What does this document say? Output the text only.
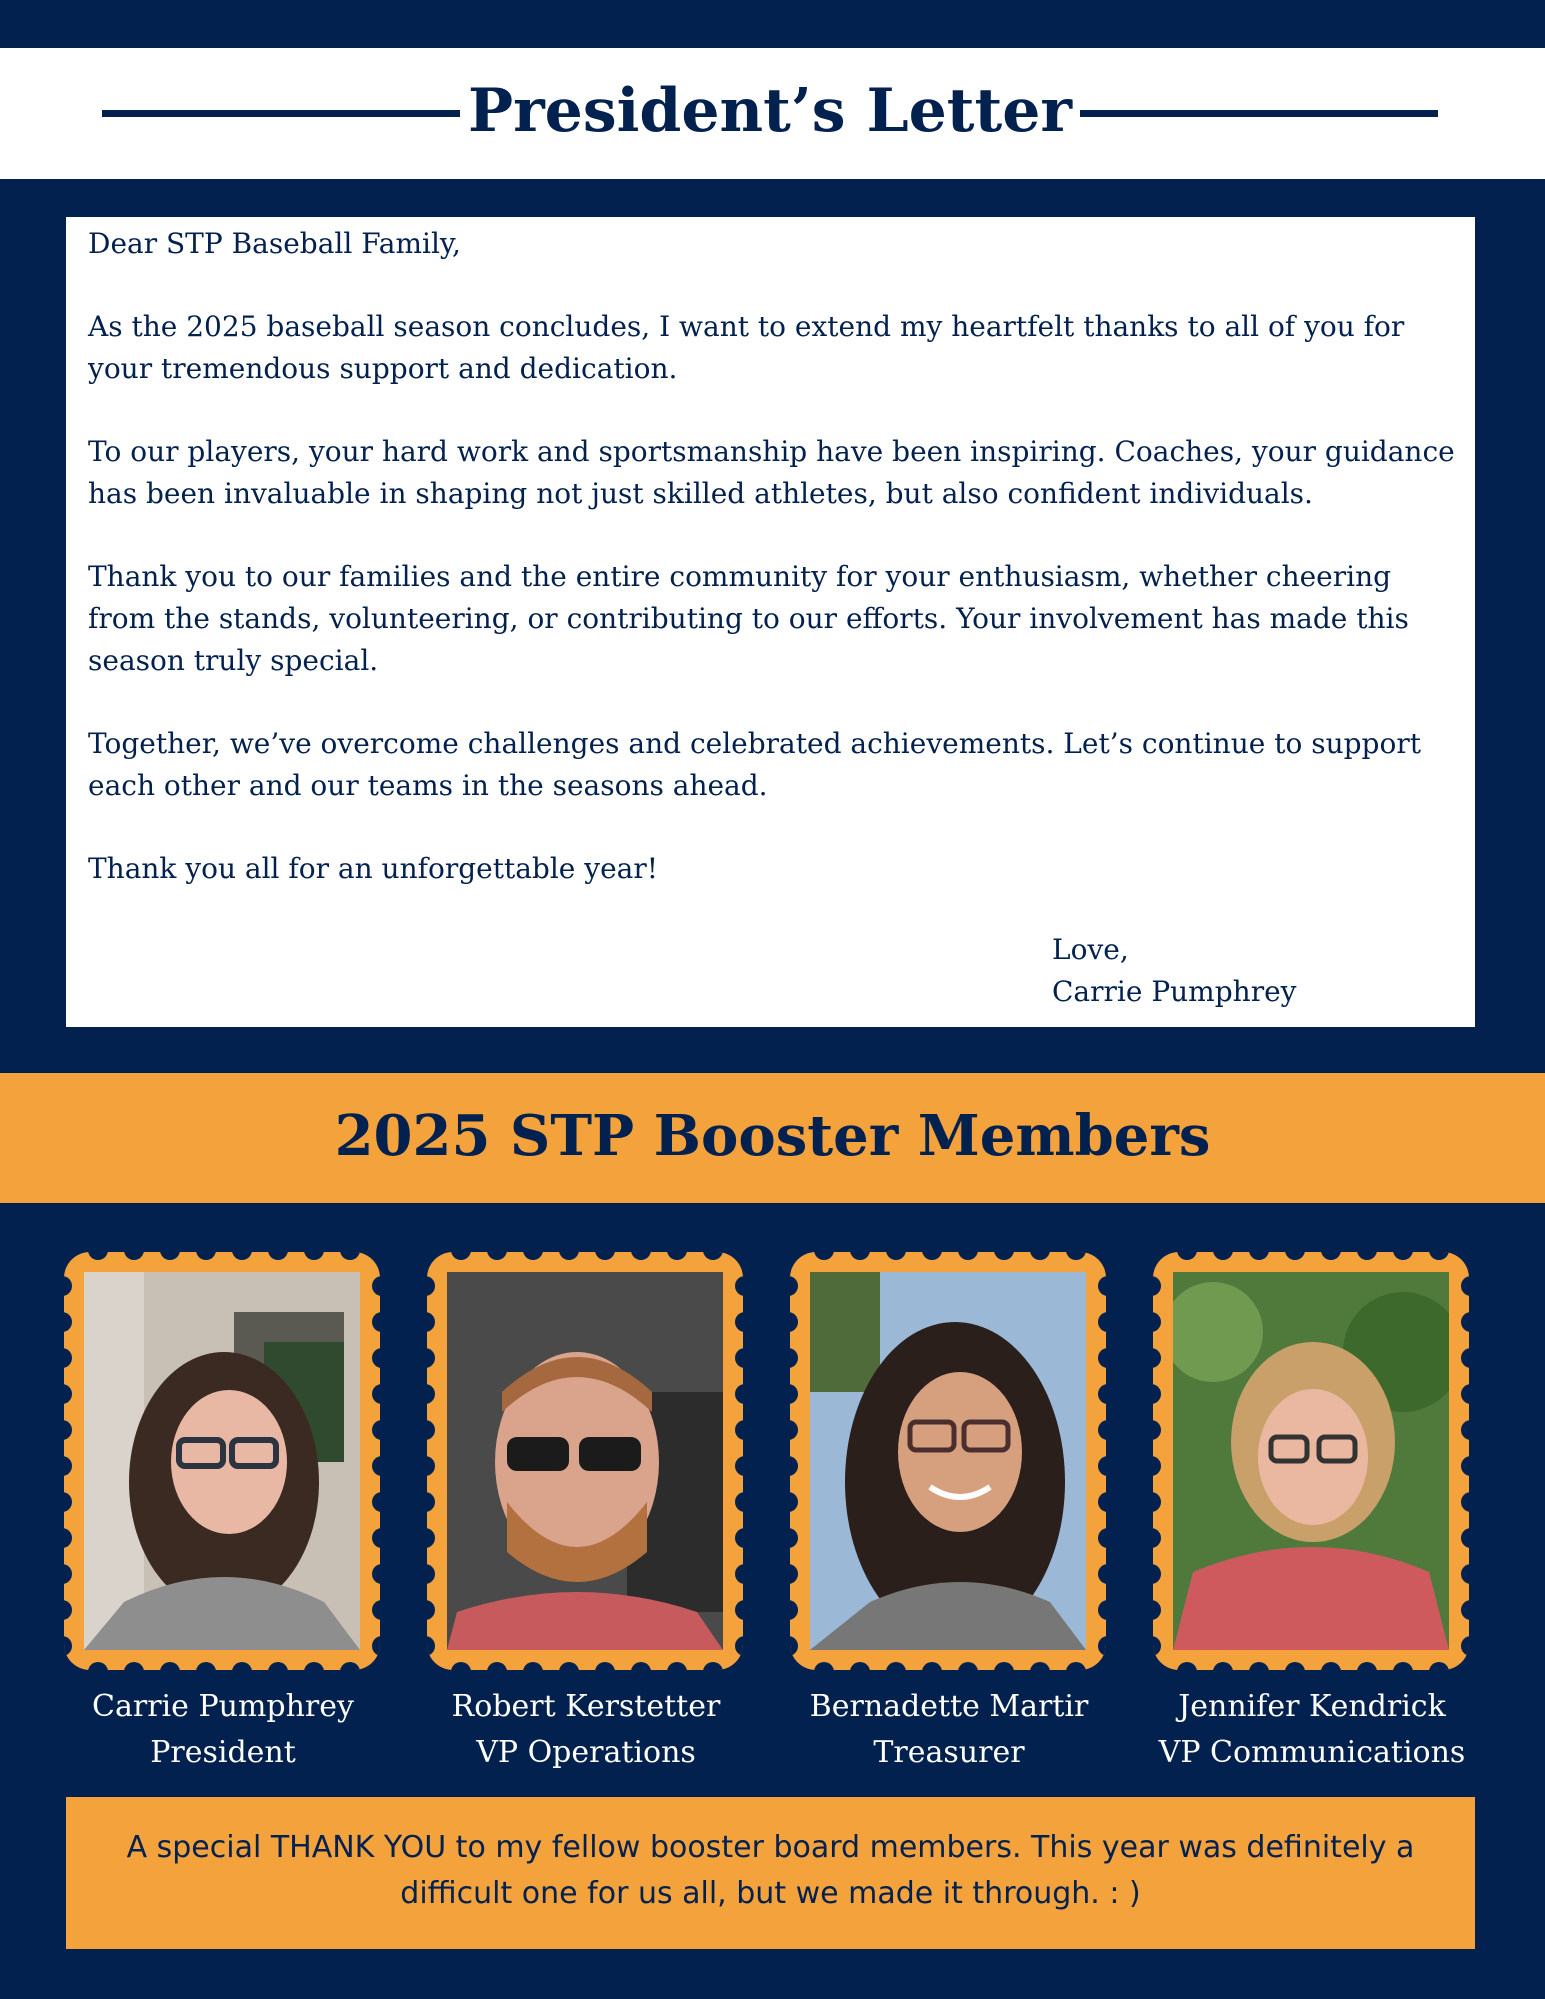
President’s Letter

Dear STP Baseball Family,

As the 2025 baseball season concludes, I want to extend my heartfelt thanks to all of you for your tremendous support and dedication.

To our players, your hard work and sportsmanship have been inspiring. Coaches, your guidance has been invaluable in shaping not just skilled athletes, but also confident individuals.

Thank you to our families and the entire community for your enthusiasm, whether cheering from the stands, volunteering, or contributing to our efforts. Your involvement has made this season truly special.

Together, we’ve overcome challenges and celebrated achievements. Let’s continue to support each other and our teams in the seasons ahead.

Thank you all for an unforgettable year!

Love,
Carrie Pumphrey
2025 STP Booster Members
Carrie Pumphrey
President
Robert Kerstetter
VP Operations
Bernadette Martir
Treasurer
Jennifer Kendrick
VP Communications

A special THANK YOU to my fellow booster board members. This year was definitely a difficult one for us all, but we made it through. : )
